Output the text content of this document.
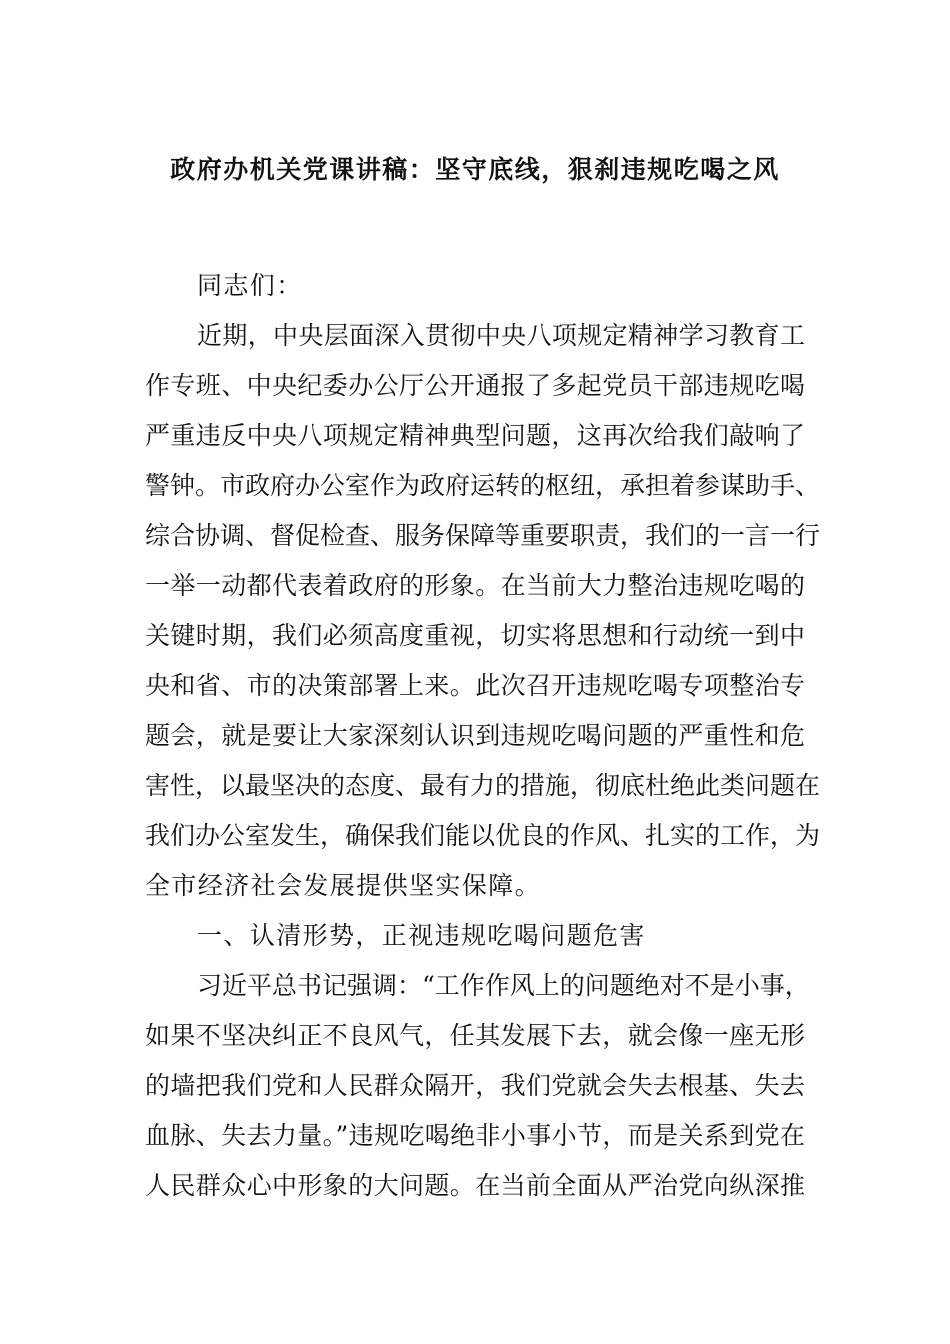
政府办机关党课讲稿：坚守底线，狠刹违规吃喝之风
同志们：
近期，中央层面深入贯彻中央八项规定精神学习教育工
作专班、中央纪委办公厅公开通报了多起党员干部违规吃喝
严重违反中央八项规定精神典型问题，这再次给我们敲响了
警钟。市政府办公室作为政府运转的枢纽，承担着参谋助手、
综合协调、督促检查、服务保障等重要职责，我们的一言一行
一举一动都代表着政府的形象。在当前大力整治违规吃喝的
关键时期，我们必须高度重视，切实将思想和行动统一到中
央和省、市的决策部署上来。此次召开违规吃喝专项整治专
题会，就是要让大家深刻认识到违规吃喝问题的严重性和危
害性，以最坚决的态度、最有力的措施，彻底杜绝此类问题在
我们办公室发生，确保我们能以优良的作风、扎实的工作，为
全市经济社会发展提供坚实保障。
一、认清形势，正视违规吃喝问题危害
习近平总书记强调：“工作作风上的问题绝对不是小事，
如果不坚决纠正不良风气，任其发展下去，就会像一座无形
的墙把我们党和人民群众隔开，我们党就会失去根基、失去
血脉、失去力量。”违规吃喝绝非小事小节，而是关系到党在
人民群众心中形象的大问题。在当前全面从严治党向纵深推
